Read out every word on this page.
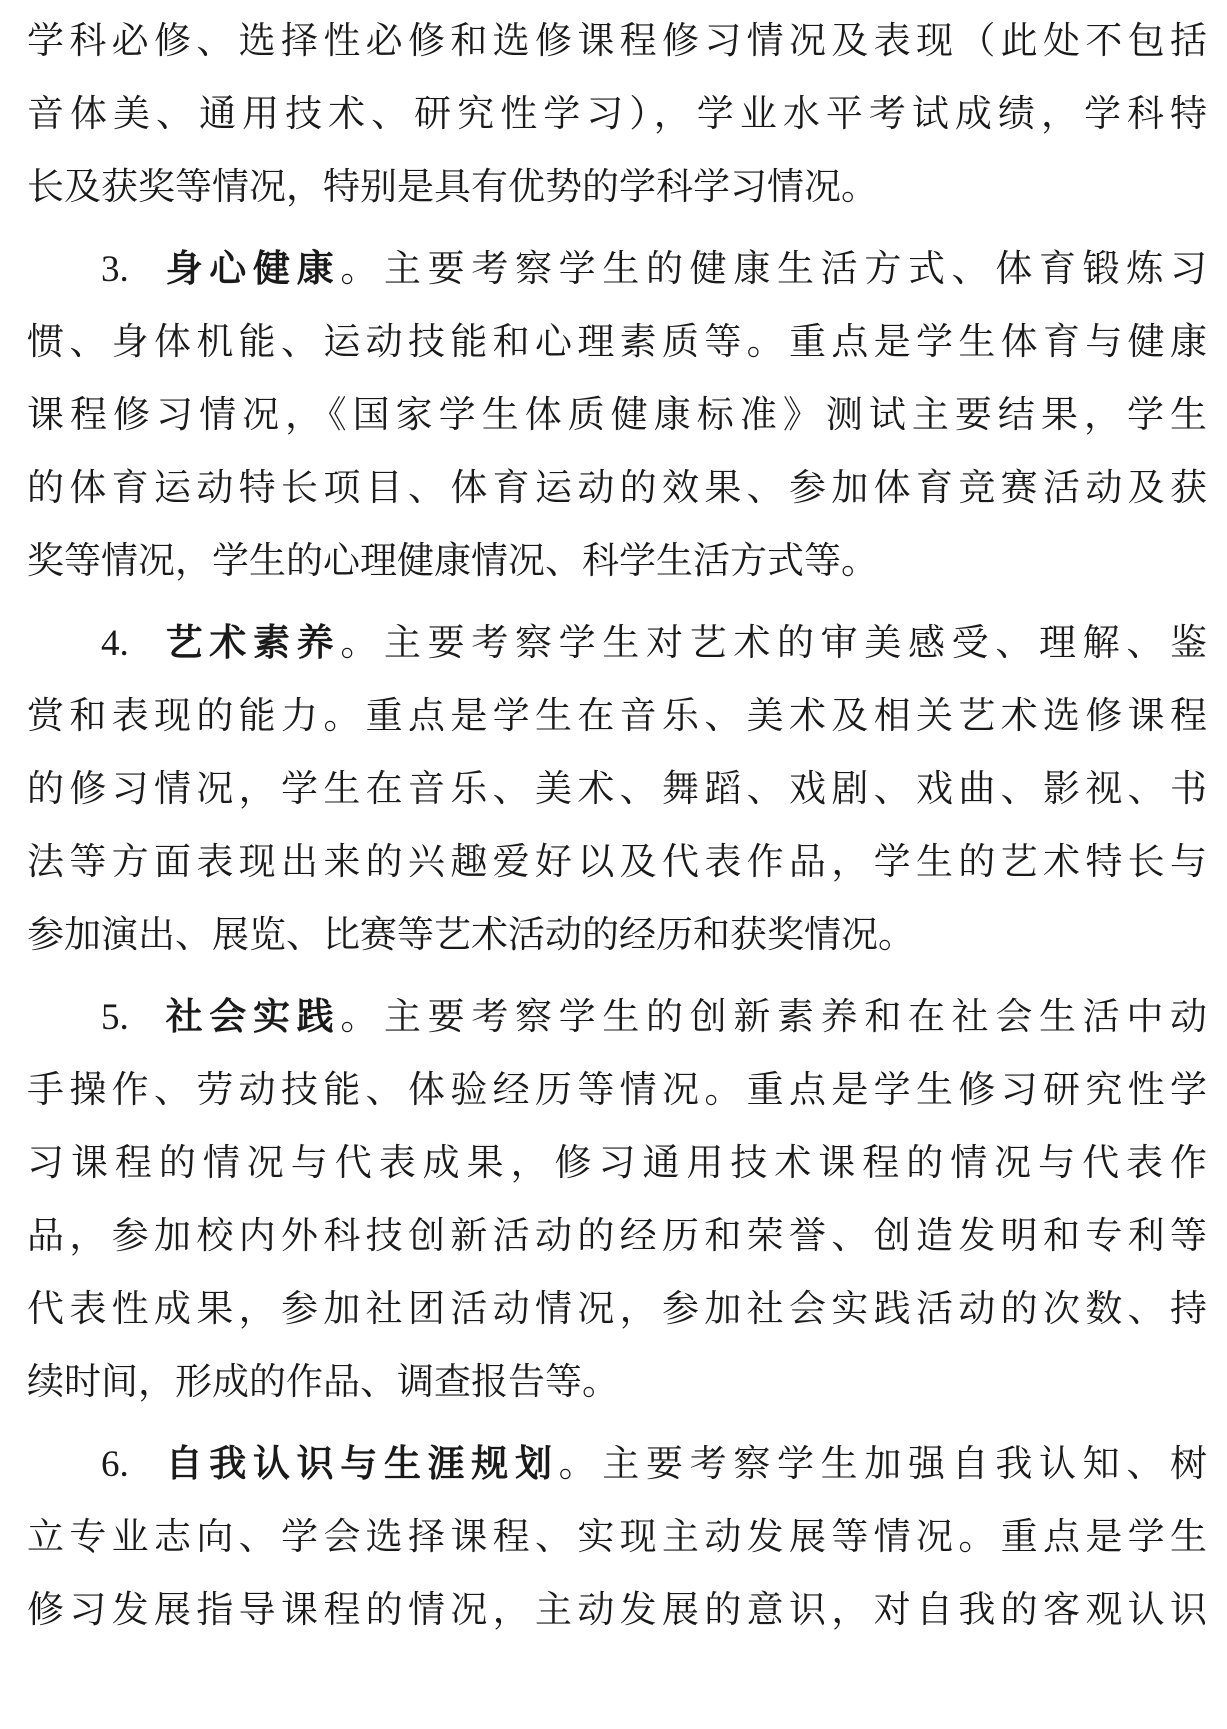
学科必修、选择性必修和选修课程修习情况及表现（此处不包括
音体美、通用技术、研究性学习），学业水平考试成绩，学科特
长及获奖等情况，特别是具有优势的学科学习情况。
3. 身心健康。主要考察学生的健康生活方式、体育锻炼习
惯、身体机能、运动技能和心理素质等。重点是学生体育与健康
课程修习情况，《国家学生体质健康标准》测试主要结果，学生
的体育运动特长项目、体育运动的效果、参加体育竞赛活动及获
奖等情况，学生的心理健康情况、科学生活方式等。
4. 艺术素养。主要考察学生对艺术的审美感受、理解、鉴
赏和表现的能力。重点是学生在音乐、美术及相关艺术选修课程
的修习情况，学生在音乐、美术、舞蹈、戏剧、戏曲、影视、书
法等方面表现出来的兴趣爱好以及代表作品，学生的艺术特长与
参加演出、展览、比赛等艺术活动的经历和获奖情况。
5. 社会实践。主要考察学生的创新素养和在社会生活中动
手操作、劳动技能、体验经历等情况。重点是学生修习研究性学
习课程的情况与代表成果，修习通用技术课程的情况与代表作
品，参加校内外科技创新活动的经历和荣誉、创造发明和专利等
代表性成果，参加社团活动情况，参加社会实践活动的次数、持
续时间，形成的作品、调查报告等。
6. 自我认识与生涯规划。主要考察学生加强自我认知、树
立专业志向、学会选择课程、实现主动发展等情况。重点是学生
修习发展指导课程的情况，主动发展的意识，对自我的客观认识
